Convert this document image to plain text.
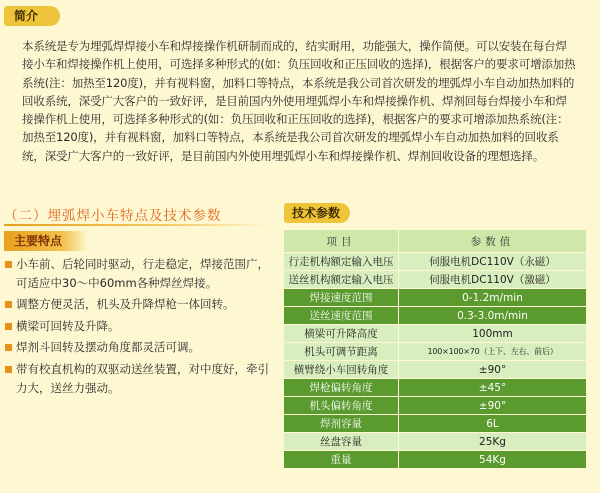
简介
本系统是专为埋弧焊焊接小车和焊接操作机研制而成的，结实耐用，功能强大，操作简便。可以安装在每台焊接小车和焊接操作机上使用，可选择多种形式的(如：负压回收和正压回收的选择)，根据客户的要求可增添加热系统(注：加热至120度)，并有视料窗，加料口等特点，本系统是我公司首次研发的埋弧焊小车自动加热加料的回收系统，深受广大客户的一致好评，是目前国内外使用埋弧焊小车和焊接操作机、焊剂回每台焊接小车和焊接操作机上使用，可选择多种形式的(如：负压回收和正压回收的选择)，根据客户的要求可增添加热系统(注：加热至120度)，并有视料窗，加料口等特点，本系统是我公司首次研发的埋弧焊小车自动加热加料的回收系统，深受广大客户的一致好评，是目前国内外使用埋弧焊小车和焊接操作机、焊剂回收设备的理想选择。
（二）埋弧焊小车特点及技术参数
主要特点
小车前、后轮同时驱动，行走稳定，焊接范围广，可适应中30～中60mm各种焊丝焊接。
调整方便灵活，机头及升降焊枪一体回转。
横梁可回转及升降。
焊剂斗回转及摆动角度都灵活可调。
带有校直机构的双驱动送丝装置，对中度好，牵引力大，送丝力强动。
技术参数
项目	参数值
行走机构额定输入电压	伺服电机DC110V（永磁）
送丝机构额定输入电压	伺服电机DC110V（激磁）
焊接速度范围	0-1.2m/min
送丝速度范围	0.3-3.0m/min
横梁可升降高度	100mm
机头可调节距离	100×100×70（上下、左右、前后）
横臂绕小车回转角度	±90°
焊枪偏转角度	±45°
机头偏转角度	±90°
焊剂容量	6L
丝盘容量	25Kg
重量	54Kg
